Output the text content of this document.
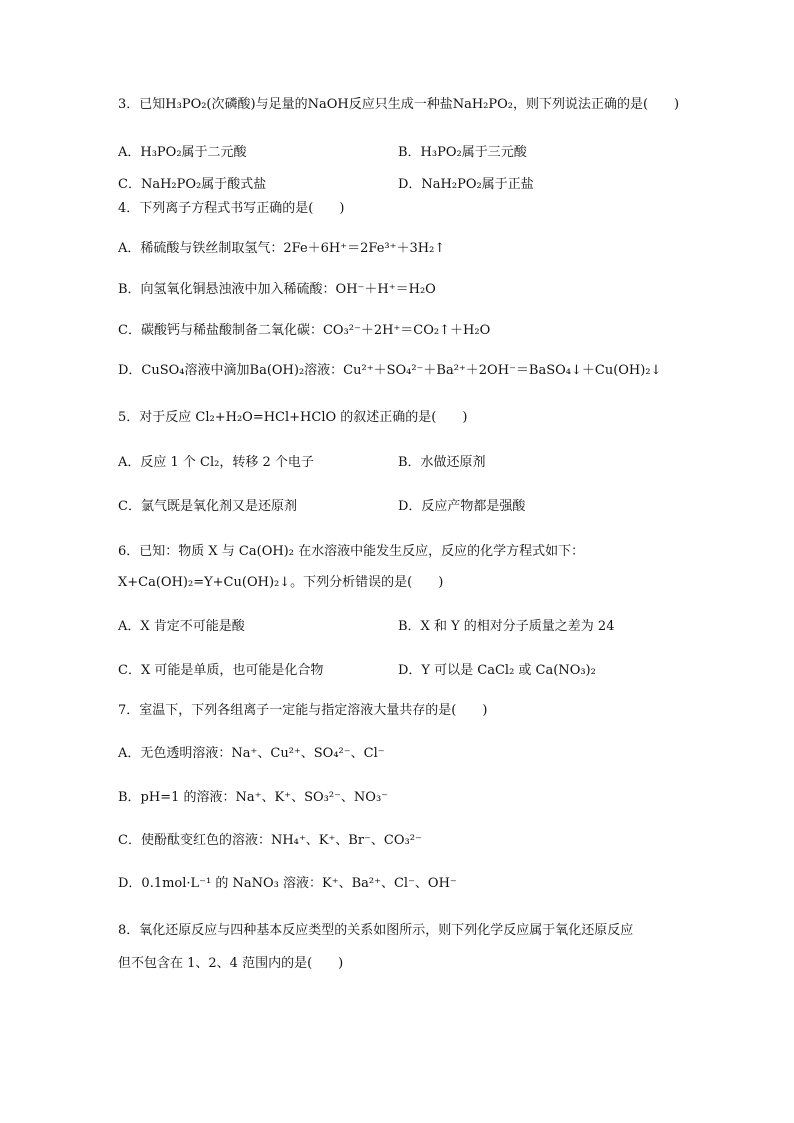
3．已知H₃PO₂(次磷酸)与足量的NaOH反应只生成一种盐NaH₂PO₂，则下列说法正确的是(　　)
A．H₃PO₂属于二元酸	B．H₃PO₂属于三元酸
C．NaH₂PO₂属于酸式盐	D．NaH₂PO₂属于正盐
4．下列离子方程式书写正确的是(　　)
A．稀硫酸与铁丝制取氢气：2Fe＋6H⁺＝2Fe³⁺＋3H₂↑
B．向氢氧化铜悬浊液中加入稀硫酸：OH⁻＋H⁺＝H₂O
C．碳酸钙与稀盐酸制备二氧化碳：CO₃²⁻＋2H⁺＝CO₂↑＋H₂O
D．CuSO₄溶液中滴加Ba(OH)₂溶液：Cu²⁺＋SO₄²⁻＋Ba²⁺＋2OH⁻＝BaSO₄↓＋Cu(OH)₂↓
5．对于反应 Cl₂+H₂O=HCl+HClO 的叙述正确的是(　　)
A．反应 1 个 Cl₂，转移 2 个电子	B．水做还原剂
C．氯气既是氧化剂又是还原剂	D．反应产物都是强酸
6．已知：物质 X 与 Ca(OH)₂ 在水溶液中能发生反应，反应的化学方程式如下：
X+Ca(OH)₂=Y+Cu(OH)₂↓。下列分析错误的是(　　)
A．X 肯定不可能是酸	B．X 和 Y 的相对分子质量之差为 24
C．X 可能是单质，也可能是化合物	D．Y 可以是 CaCl₂ 或 Ca(NO₃)₂
7．室温下，下列各组离子一定能与指定溶液大量共存的是(　　)
A．无色透明溶液：Na⁺、Cu²⁺、SO₄²⁻、Cl⁻
B．pH=1 的溶液：Na⁺、K⁺、SO₃²⁻、NO₃⁻
C．使酚酞变红色的溶液：NH₄⁺、K⁺、Br⁻、CO₃²⁻
D．0.1mol·L⁻¹ 的 NaNO₃ 溶液：K⁺、Ba²⁺、Cl⁻、OH⁻
8．氧化还原反应与四种基本反应类型的关系如图所示，则下列化学反应属于氧化还原反应
但不包含在 1、2、4 范围内的是(　　)
